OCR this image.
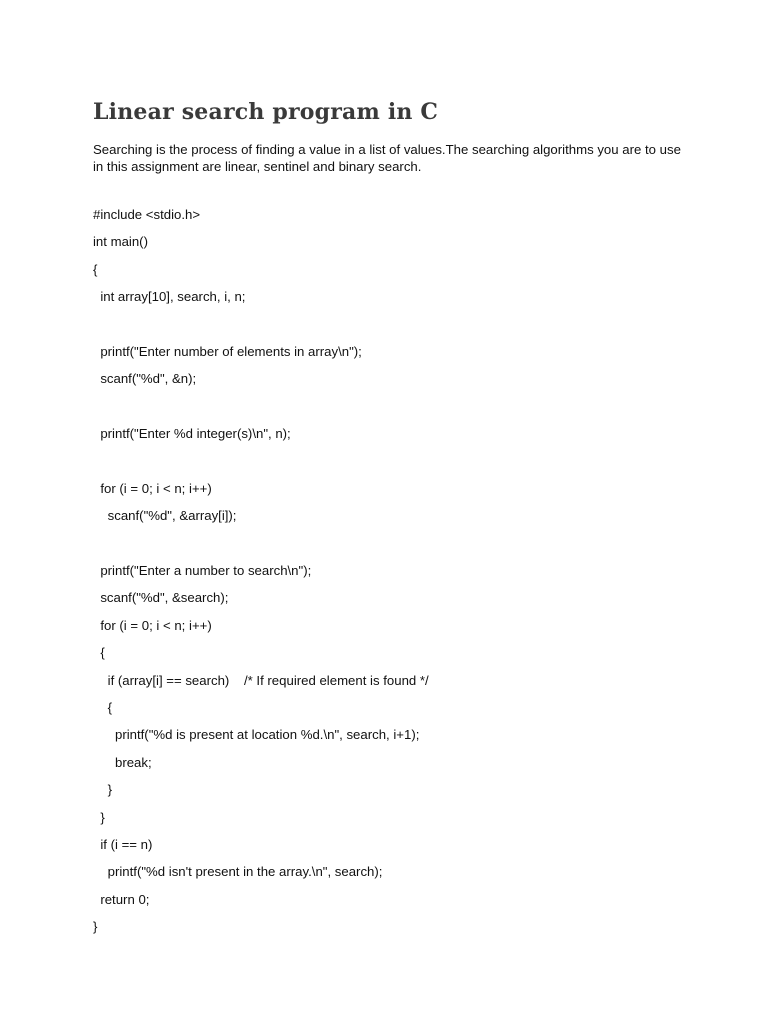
Linear search program in C

Searching is the process of finding a value in a list of values.The searching algorithms you are to use in this assignment are linear, sentinel and binary search.

#include <stdio.h>
int main()
{
int array[10], search, i, n;
printf("Enter number of elements in array\n");
scanf("%d", &n);
printf("Enter %d integer(s)\n", n);
for (i = 0; i < n; i++)
scanf("%d", &array[i]);
printf("Enter a number to search\n");
scanf("%d", &search);
for (i = 0; i < n; i++)
{
if (array[i] == search)    /* If required element is found */
{
printf("%d is present at location %d.\n", search, i+1);
break;
}
}
if (i == n)
printf("%d isn't present in the array.\n", search);
return 0;
}
